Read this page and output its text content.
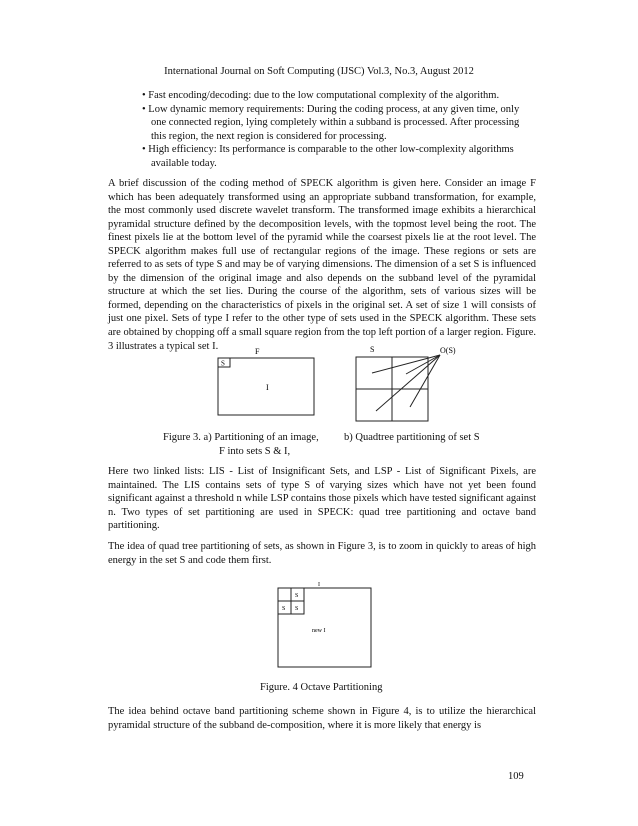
International Journal on Soft Computing (IJSC) Vol.3, No.3, August 2012
• Fast encoding/decoding: due to the low computational complexity of the algorithm.
• Low dynamic memory requirements: During the coding process, at any given time, only one connected region, lying completely within a subband is processed. After processing this region, the next region is considered for processing.
• High efficiency: Its performance is comparable to the other low-complexity algorithms available today.

A brief discussion of the coding method of SPECK algorithm is given here. Consider an image F which has been adequately transformed using an appropriate subband transformation, for example, the most commonly used discrete wavelet transform. The transformed image exhibits a hierarchical pyramidal structure defined by the decomposition levels, with the topmost level being the root. The finest pixels lie at the bottom level of the pyramid while the coarsest pixels lie at the root level. The SPECK algorithm makes full use of rectangular regions of the image. These regions or sets are referred to as sets of type S and may be of varying dimensions. The dimension of a set S is influenced by the dimension of the original image and also depends on the subband level of the pyramidal structure at which the set lies. During the course of the algorithm, sets of various sizes will be formed, depending on the characteristics of pixels in the original set. A set of size 1 will consists of just one pixel. Sets of type I refer to the other type of sets used in the SPECK algorithm. These sets are obtained by chopping off a small square region from the top left portion of a larger region. Figure. 3 illustrates a typical set I.	F
S
I
S	O(S)
Figure 3. a) Partitioning of an image,
F into sets S & I,
b) Quadtree partitioning of set S

Here two linked lists: LIS - List of Insignificant Sets, and LSP - List of Significant Pixels, are maintained. The LIS contains sets of type S of varying sizes which have not yet been found significant against a threshold n while LSP contains those pixels which have tested significant against n. Two types of set partitioning are used in SPECK: quad tree partitioning and octave band partitioning.

The idea of quad tree partitioning of sets, as shown in Figure 3, is to zoom in quickly to areas of high energy in the set S and code them first.

I
S
S S
new I
Figure. 4 Octave Partitioning

The idea behind octave band partitioning scheme shown in Figure 4, is to utilize the hierarchical pyramidal structure of the subband de-composition, where it is more likely that energy is

109
